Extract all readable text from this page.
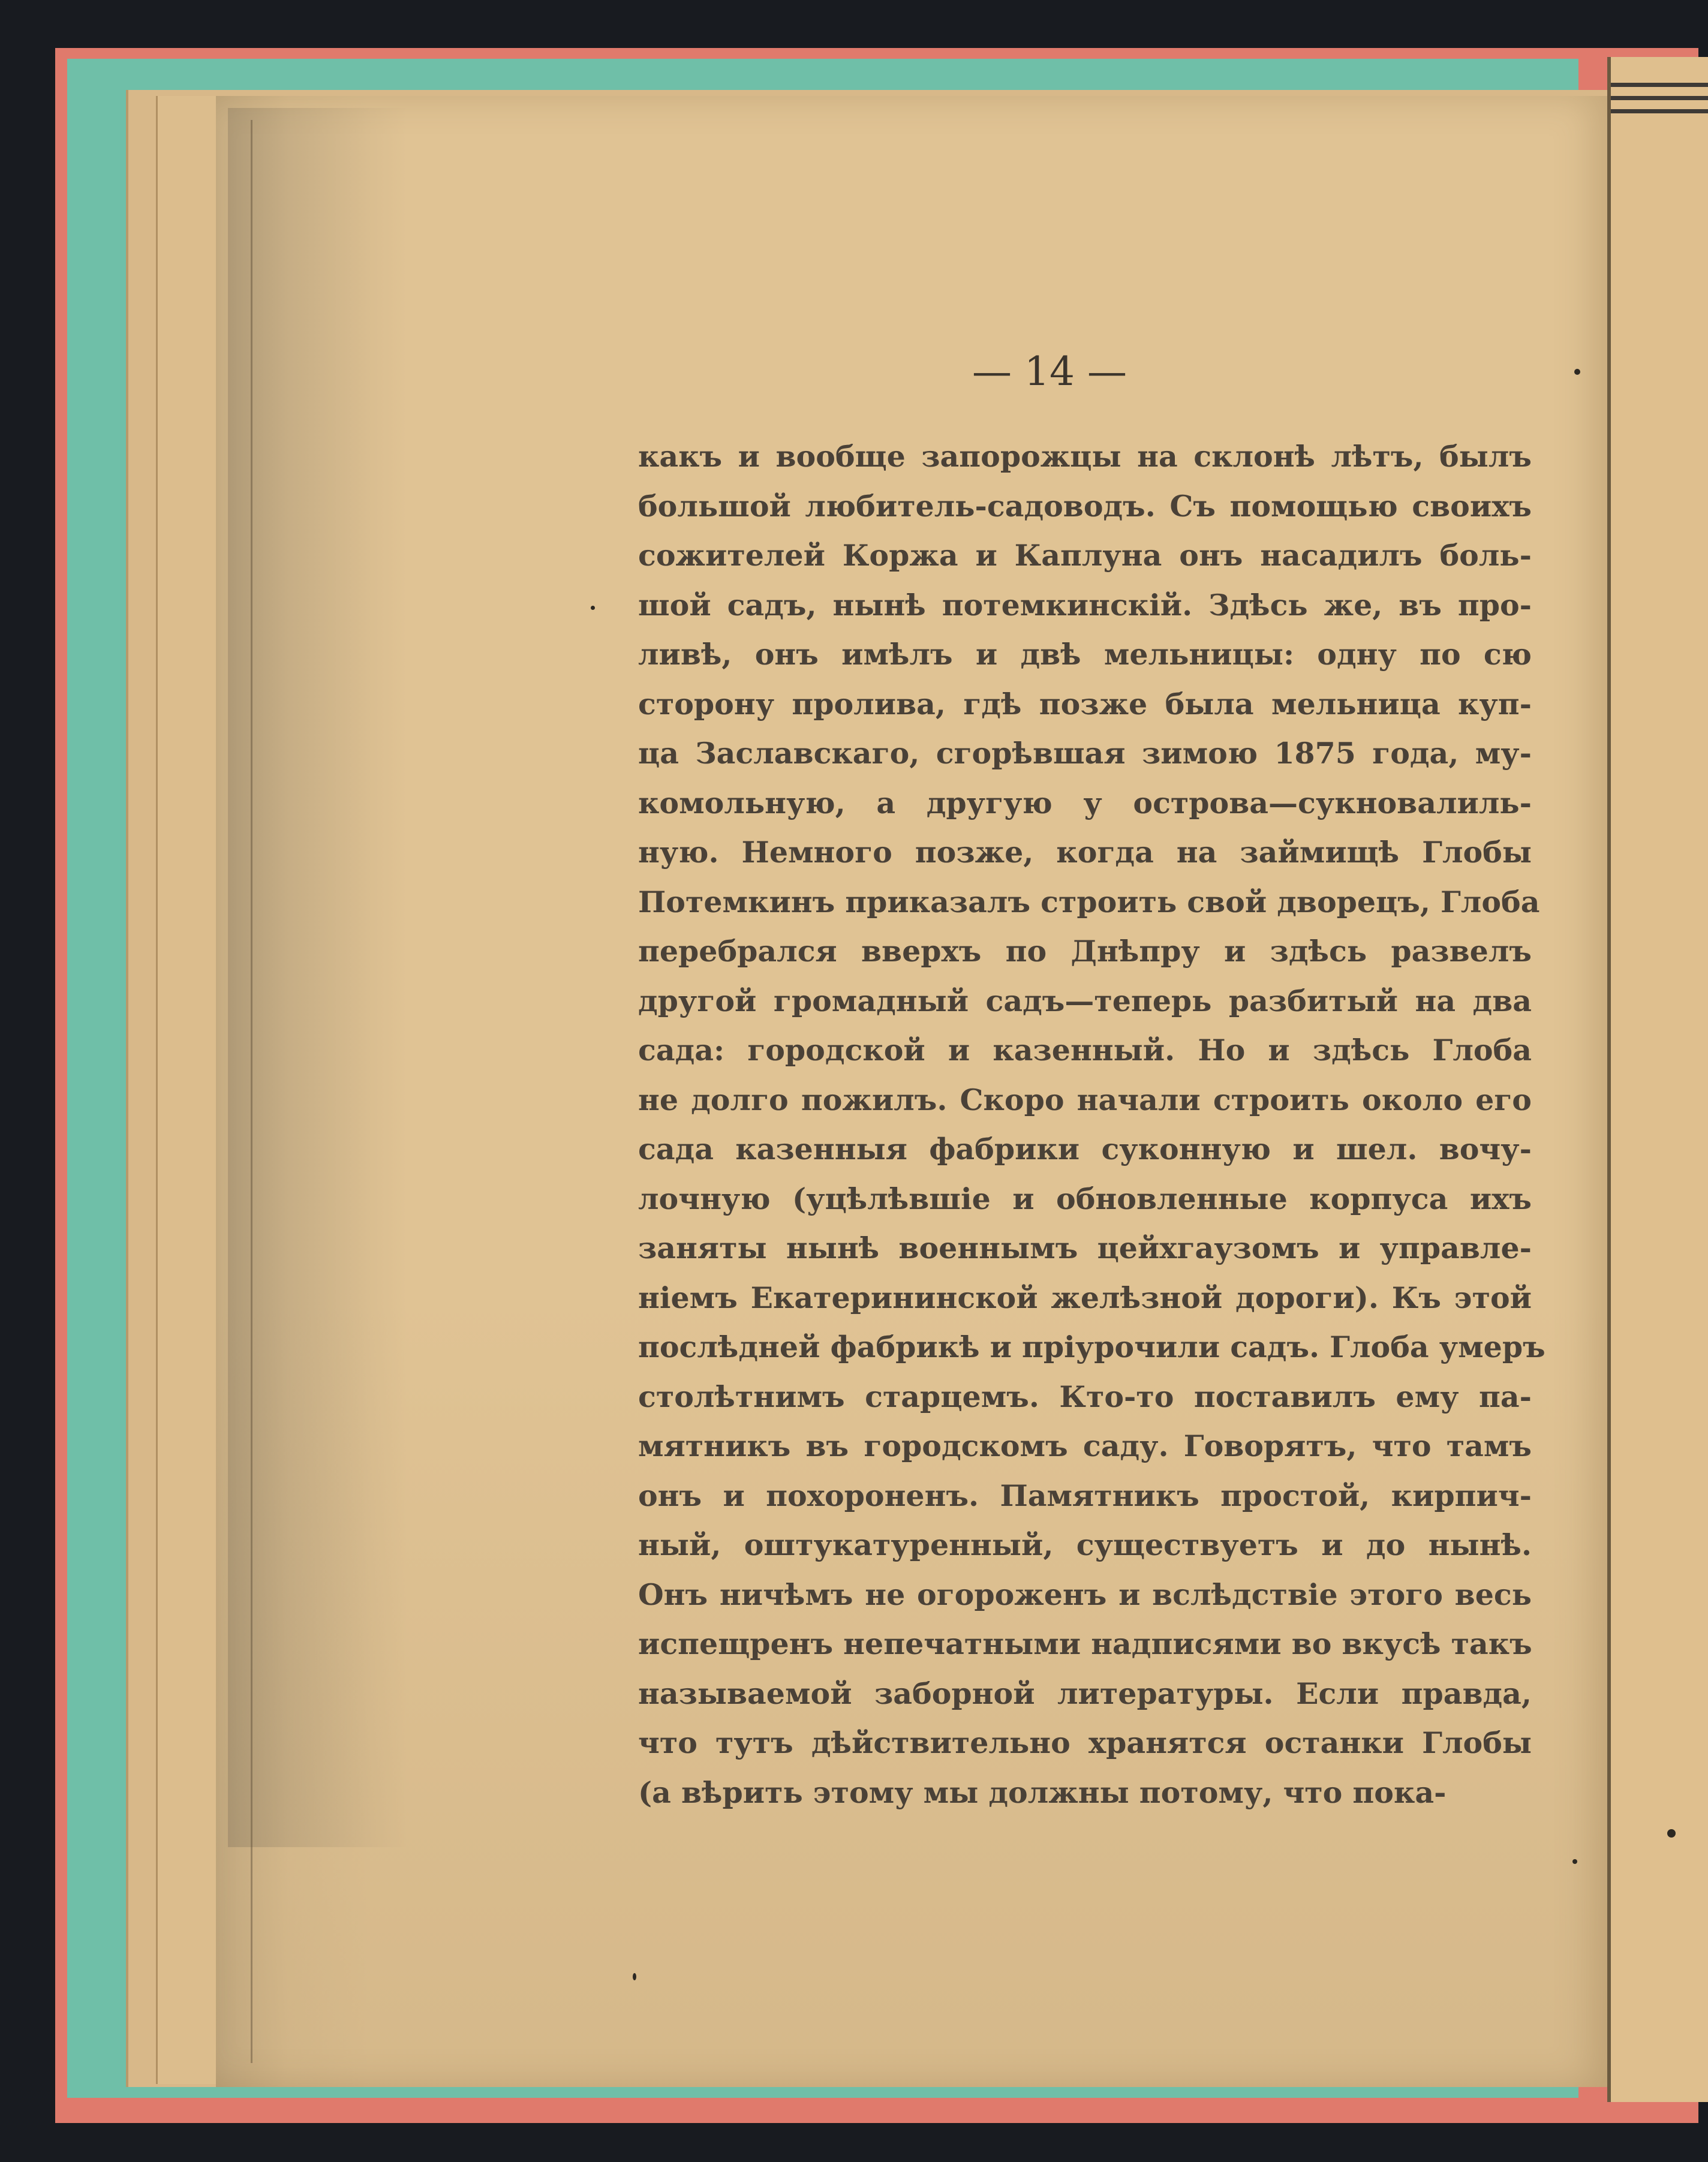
— 14 —
какъ и вообще запорожцы на склонѣ лѣтъ, былъ
большой любитель-садоводъ. Съ помощью своихъ
сожителей Коржа и Каплуна онъ насадилъ боль-
шой садъ, нынѣ потемкинскій. Здѣсь же, въ про-
ливѣ, онъ имѣлъ и двѣ мельницы: одну по сю
сторону пролива, гдѣ позже была мельница куп-
ца Заславскаго, сгорѣвшая зимою 1875 года, му-
комольную, а другую у острова—сукновалиль-
ную. Немного позже, когда на займищѣ Глобы
Потемкинъ приказалъ строить свой дворецъ, Глоба
перебрался вверхъ по Днѣпру и здѣсь развелъ
другой громадный садъ—теперь разбитый на два
сада: городской и казенный. Но и здѣсь Глоба
не долго пожилъ. Скоро начали строить около его
сада казенныя фабрики суконную и шел. вочу-
лочную (уцѣлѣвшіе и обновленные корпуса ихъ
заняты нынѣ военнымъ цейхгаузомъ и управле-
ніемъ Екатерининской желѣзной дороги). Къ этой
послѣдней фабрикѣ и пріурочили садъ. Глоба умеръ
столѣтнимъ старцемъ. Кто-то поставилъ ему па-
мятникъ въ городскомъ саду. Говорятъ, что тамъ
онъ и похороненъ. Памятникъ простой, кирпич-
ный, оштукатуренный, существуетъ и до нынѣ.
Онъ ничѣмъ не огороженъ и вслѣдствіе этого весь
испещренъ непечатными надписями во вкусѣ такъ
называемой заборной литературы. Если правда,
что тутъ дѣйствительно хранятся останки Глобы
(а вѣрить этому мы должны потому, что пока-
